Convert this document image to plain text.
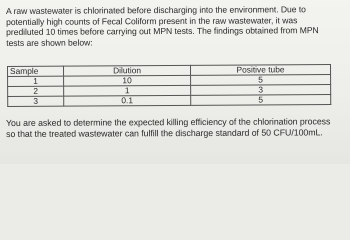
A raw wastewater is chlorinated before discharging into the environment. Due to
potentially high counts of Fecal Coliform present in the raw wastewater, it was
prediluted 10 times before carrying out MPN tests. The findings obtained from MPN
tests are shown below:
Sample	Dilution	Positive tube
1	10	5
2	1	3
3	0.1	5
You are asked to determine the expected killing efficiency of the chlorination process
so that the treated wastewater can fulfill the discharge standard of 50 CFU/100mL.
